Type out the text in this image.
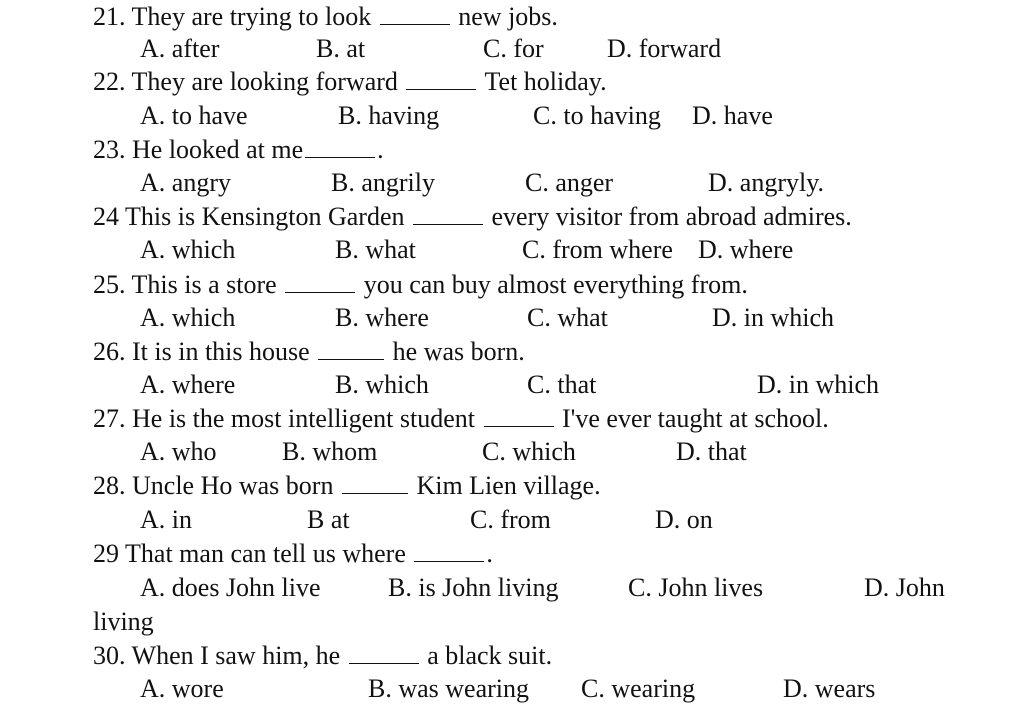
21. They are trying to look	new jobs.
A. after	B. at	C. for D. forward
22. They are looking forward	Tet holiday.
A. to have	B. having	C. to having D. have
23. He looked at me	.
A. angry	B. angrily	C. anger	D. angryly.
24 This is Kensington Garden	every visitor from abroad admires.
A. which	B. what	C. from where D. where
25. This is a store	you can buy almost everything from.
A. which	B. where	C. what	D. in which
26. It is in this house	he was born.
A. where	B. which	C. that	D. in which
27. He is the most intelligent student	I've ever taught at school.
A. who	B. whom	C. which	D. that
28. Uncle Ho was born	Kim Lien village.
A. in	B at	C. from	D. on
29 That man can tell us where	.
A. does John live	B. is John living	C. John lives	D. John
living
30. When I saw him, he	a black suit.
A. wore	B. was wearing C. wearing	D. wears
